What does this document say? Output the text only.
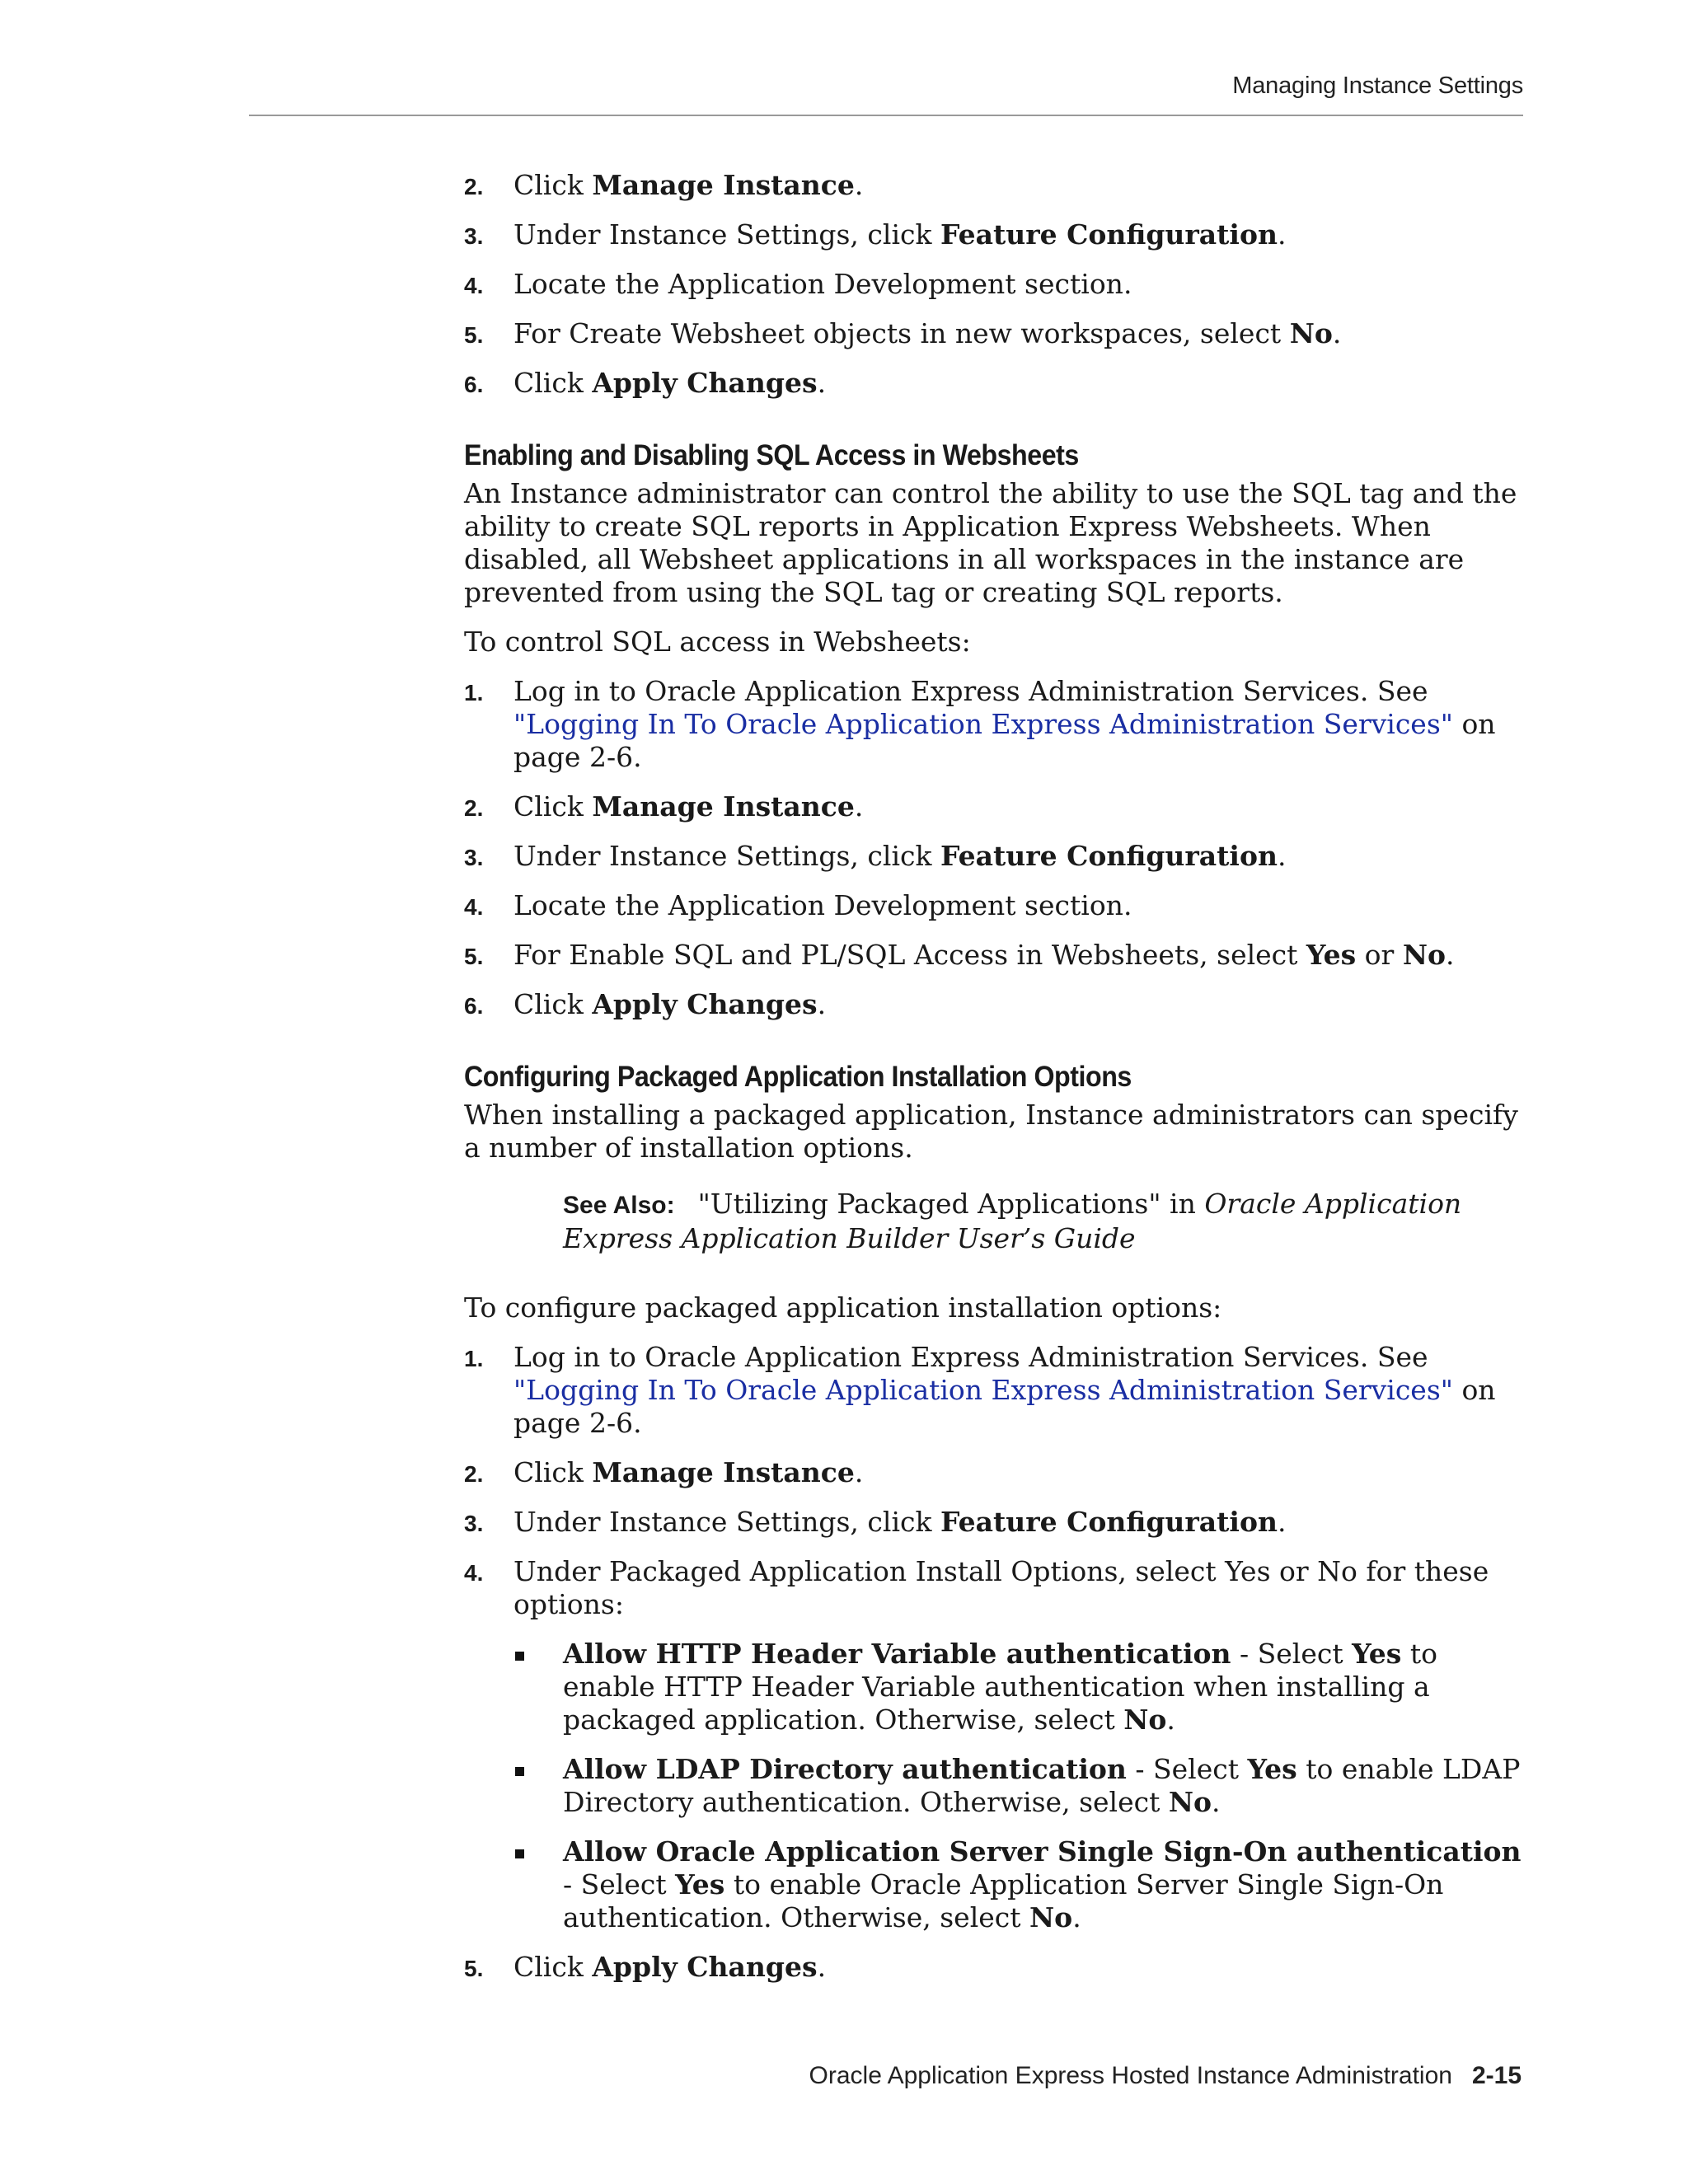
Managing Instance Settings
2. Click Manage Instance.
3. Under Instance Settings, click Feature Configuration.
4. Locate the Application Development section.
5. For Create Websheet objects in new workspaces, select No.
6. Click Apply Changes.
Enabling and Disabling SQL Access in Websheets

An Instance administrator can control the ability to use the SQL tag and the ability to create SQL reports in Application Express Websheets. When disabled, all Websheet applications in all workspaces in the instance are prevented from using the SQL tag or creating SQL reports.

To control SQL access in Websheets:

1. Log in to Oracle Application Express Administration Services. See "Logging In To Oracle Application Express Administration Services" on page 2-6.
2. Click Manage Instance.
3. Under Instance Settings, click Feature Configuration.
4. Locate the Application Development section.
5. For Enable SQL and PL/SQL Access in Websheets, select Yes or No.
6. Click Apply Changes.
Configuring Packaged Application Installation Options

When installing a packaged application, Instance administrators can specify a number of installation options.

See Also: "Utilizing Packaged Applications" in Oracle Application Express Application Builder User’s Guide

To configure packaged application installation options:

1. Log in to Oracle Application Express Administration Services. See "Logging In To Oracle Application Express Administration Services" on page 2-6.
2. Click Manage Instance.
3. Under Instance Settings, click Feature Configuration.
4. Under Packaged Application Install Options, select Yes or No for these options:
Allow HTTP Header Variable authentication - Select Yes to enable HTTP Header Variable authentication when installing a packaged application. Otherwise, select No.
Allow LDAP Directory authentication - Select Yes to enable LDAP Directory authentication. Otherwise, select No.
Allow Oracle Application Server Single Sign-On authentication - Select Yes to enable Oracle Application Server Single Sign-On authentication. Otherwise, select No.
5. Click Apply Changes.
Oracle Application Express Hosted Instance Administration 2-15
